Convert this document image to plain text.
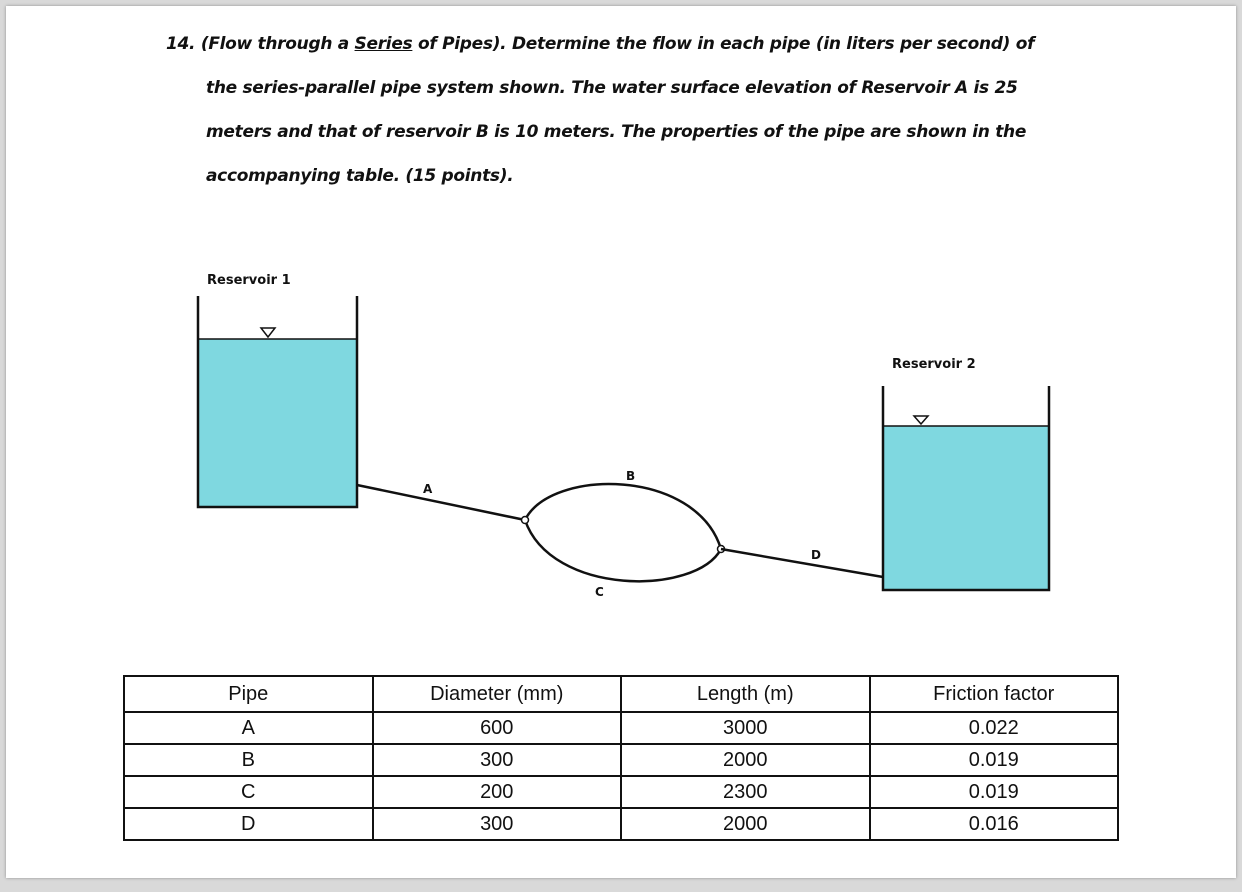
14. (Flow through a Series of Pipes). Determine the flow in each pipe (in liters per second) of
the series-parallel pipe system shown. The water surface elevation of Reservoir A is 25
meters and that of reservoir B is 10 meters. The properties of the pipe are shown in the
accompanying table. (15 points).
Reservoir 1
Reservoir 2
A
B
C
D
Pipe	Diameter (mm)	Length (m)	Friction factor
A	600	3000	0.022
B	300	2000	0.019
C	200	2300	0.019
D	300	2000	0.016
